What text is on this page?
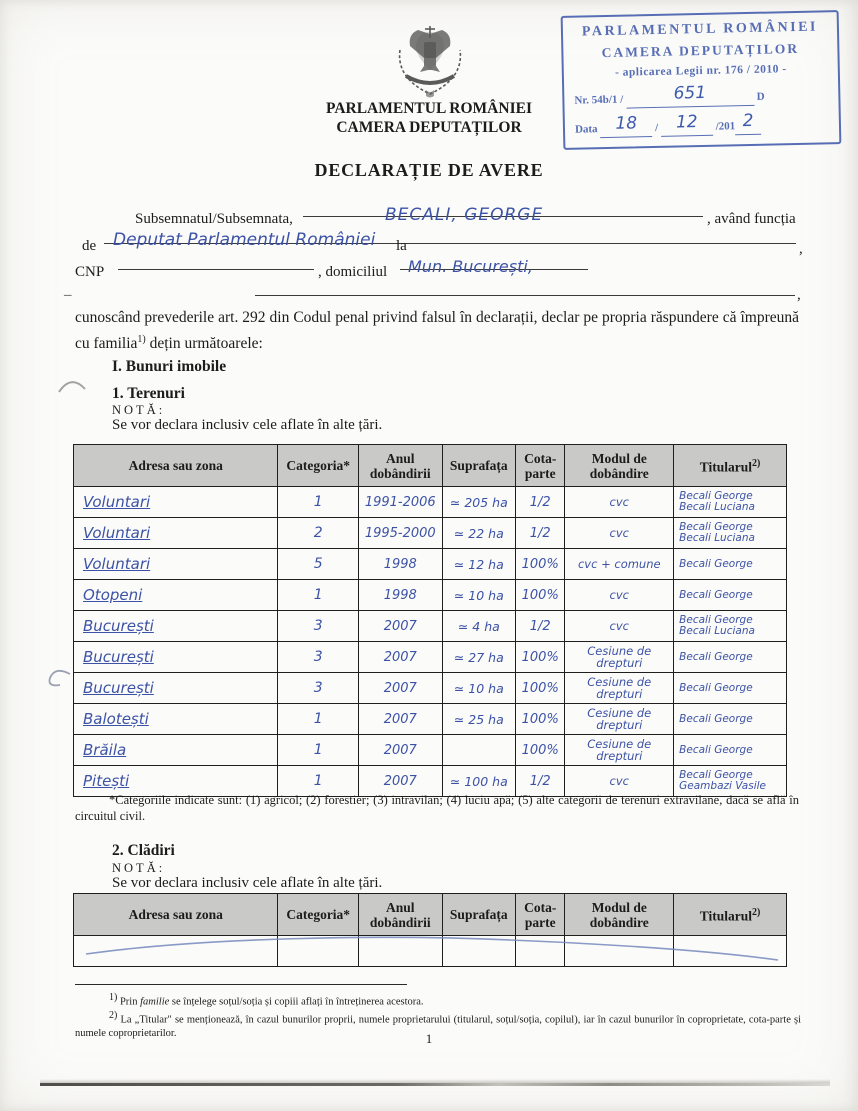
PARLAMENTUL ROMÂNIEI
CAMERA DEPUTAȚILOR
- aplicarea Legii nr. 176 / 2010 -
Nr. 54b/1 /	651	D
Data 18 / 12 /201 2
PARLAMENTUL ROMÂNIEI
CAMERA DEPUTAȚILOR
DECLARAȚIE DE AVERE
Subsemnatul/Subsemnata,	BECALI, GEORGE	, având funcția
de Deputat Parlamentul României la	,
CNP	, domiciliul Mun. București,
–	,
cunoscând prevederile art. 292 din Codul penal privind falsul în declarații, declar pe propria răspundere că împreună cu familia$^{1)}$ dețin următoarele:
I. Bunuri imobile
1. Terenuri
NOTĂ:
Se vor declara inclusiv cele aflate în alte țări.
Adresa sau zona	Categoria*	Anul dobândirii	Suprafața	Cota-parte	Modul de dobândire	Titularul$^{2)}$
Voluntari	1	1991-2006	≃ 205 ha	1/2	cvc	Becali George
Becali Luciana

Voluntari	2	1995-2000	≃ 22 ha	1/2	cvc	Becali George
Becali Luciana

Voluntari	5	1998	≃ 12 ha	100%	cvc + comune	Becali George

Otopeni	1	1998	≃ 10 ha	100%	cvc	Becali George

București	3	2007	≃ 4 ha	1/2	cvc	Becali George
Becali Luciana

București	3	2007	≃ 27 ha	100%	Cesiune de drepturi	Becali George

București	3	2007	≃ 10 ha	100%	Cesiune de drepturi	Becali George

Balotești	1	2007	≃ 25 ha	100%	Cesiune de drepturi	Becali George

Brăila	1	2007		100%	Cesiune de drepturi	Becali George

Pitești	1	2007	≃ 100 ha	1/2	cvc	Becali George
Geambazi Vasile
*Categoriile indicate sunt: (1) agricol; (2) forestier; (3) intravilan; (4) luciu apă; (5) alte categorii de terenuri extravilane, dacă se află în circuitul civil.
2. Clădiri
NOTĂ:
Se vor declara inclusiv cele aflate în alte țări.
Adresa sau zona	Categoria*	Anul dobândirii	Suprafața	Cota-parte	Modul de dobândire	Titularul$^{2)}$

$^{1)}$ Prin familie se înțelege soțul/soția și copiii aflați în întreținerea acestora.

$^{2)}$ La „Titular" se menționează, în cazul bunurilor proprii, numele proprietarului (titularul, soțul/soția, copilul), iar în cazul bunurilor în coproprietate, cota-parte și numele coproprietarilor.	1
